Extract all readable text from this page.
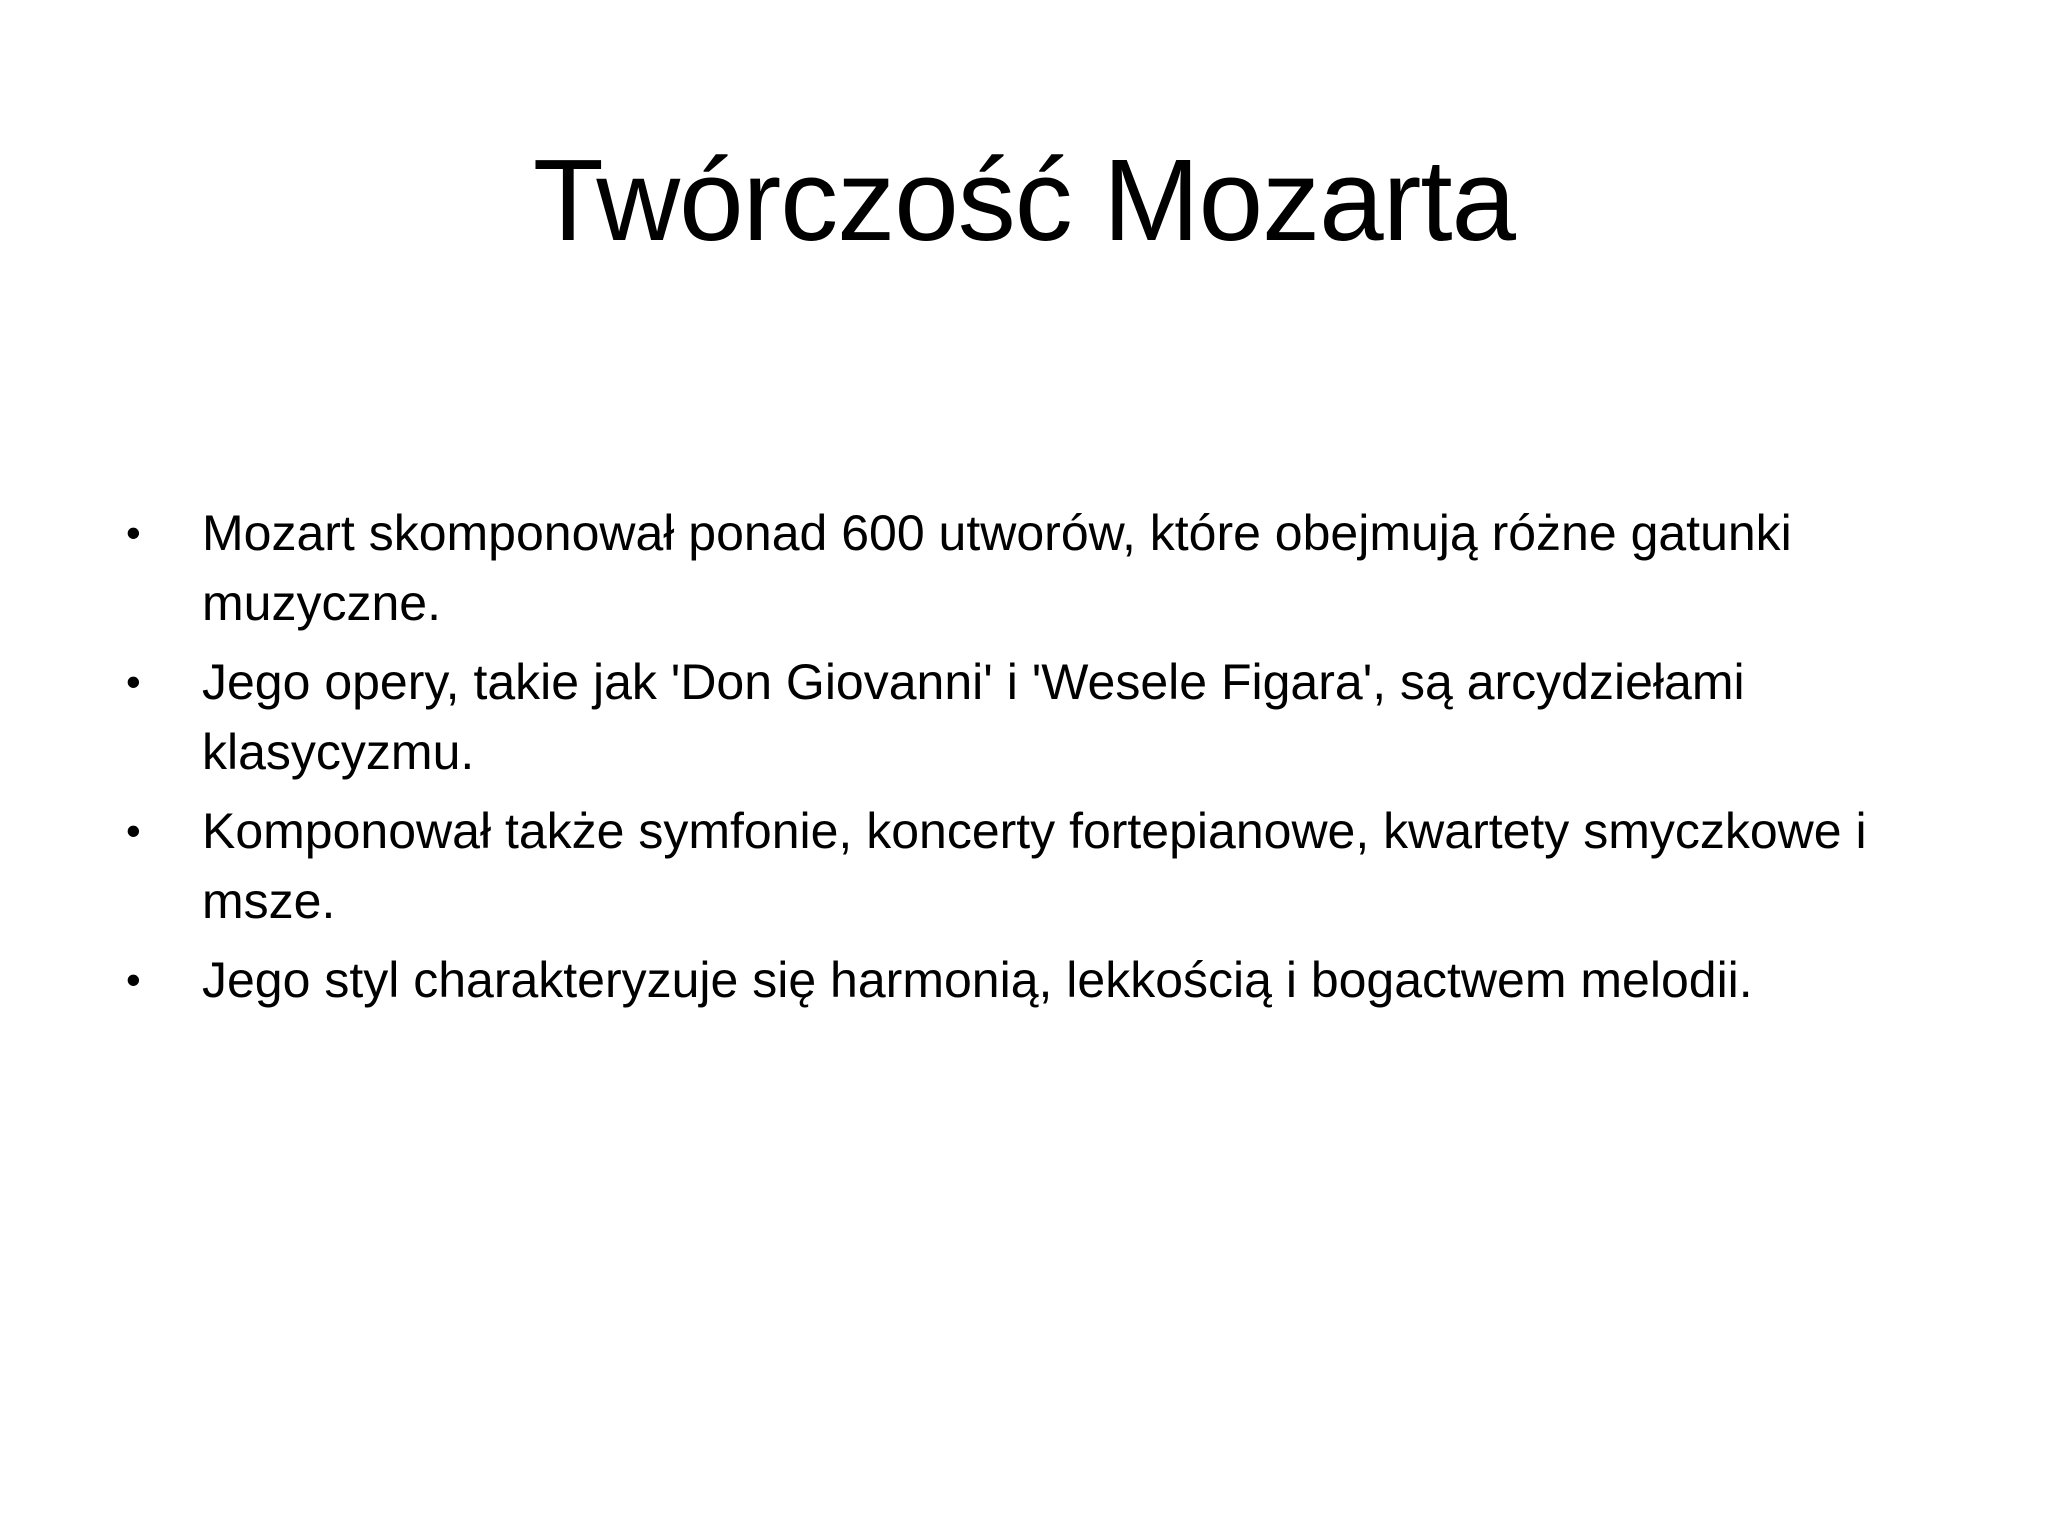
Twórczość Mozarta
•	Mozart skomponował ponad 600 utworów, które obejmują różne gatunki muzyczne.
•	Jego opery, takie jak 'Don Giovanni' i 'Wesele Figara', są arcydziełami klasycyzmu.
•	Komponował także symfonie, koncerty fortepianowe, kwartety smyczkowe i msze.
•	Jego styl charakteryzuje się harmonią, lekkością i bogactwem melodii.
